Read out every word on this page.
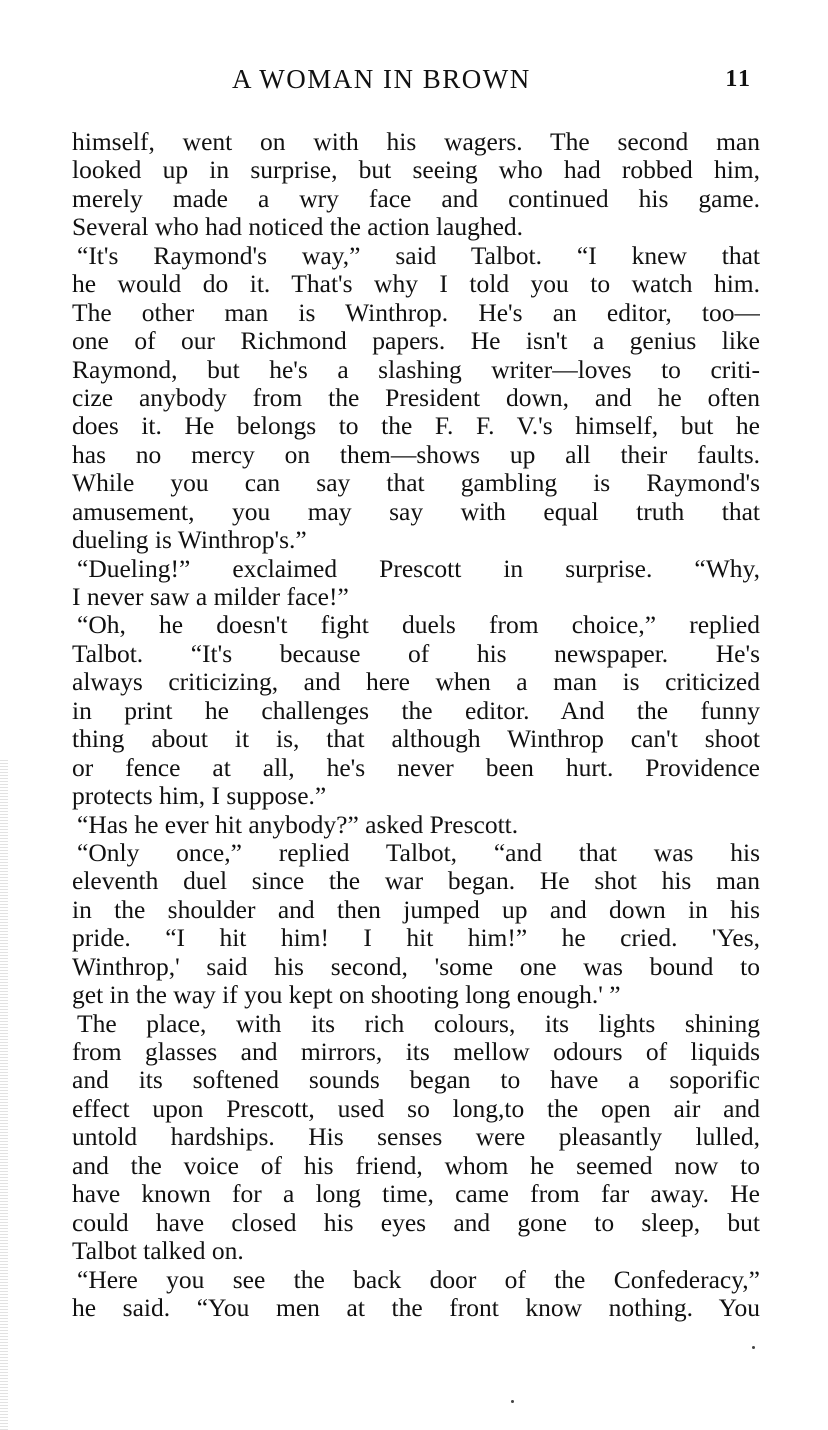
A WOMAN IN BROWN	11
himself, went on with his wagers. The second man
looked up in surprise, but seeing who had robbed him,
merely made a wry face and continued his game.
Several who had noticed the action laughed.
“It's Raymond's way,” said Talbot. “I knew that
he would do it. That's why I told you to watch him.
The other man is Winthrop. He's an editor, too—
one of our Richmond papers. He isn't a genius like
Raymond, but he's a slashing writer—loves to criti-
cize anybody from the President down, and he often
does it. He belongs to the F. F. V.'s himself, but he
has no mercy on them—shows up all their faults.
While you can say that gambling is Raymond's
amusement, you may say with equal truth that
dueling is Winthrop's.”
“Dueling!” exclaimed Prescott in surprise. “Why,
I never saw a milder face!”
“Oh, he doesn't fight duels from choice,” replied
Talbot. “It's because of his newspaper. He's
always criticizing, and here when a man is criticized
in print he challenges the editor. And the funny
thing about it is, that although Winthrop can't shoot
or fence at all, he's never been hurt. Providence
protects him, I suppose.”
“Has he ever hit anybody?” asked Prescott.
“Only once,” replied Talbot, “and that was his
eleventh duel since the war began. He shot his man
in the shoulder and then jumped up and down in his
pride. “I hit him! I hit him!” he cried. 'Yes,
Winthrop,' said his second, 'some one was bound to
get in the way if you kept on shooting long enough.' ”
The place, with its rich colours, its lights shining
from glasses and mirrors, its mellow odours of liquids
and its softened sounds began to have a soporific
effect upon Prescott, used so long,to the open air and
untold hardships. His senses were pleasantly lulled,
and the voice of his friend, whom he seemed now to
have known for a long time, came from far away. He
could have closed his eyes and gone to sleep, but
Talbot talked on.
“Here you see the back door of the Confederacy,”
he said. “You men at the front know nothing. You
